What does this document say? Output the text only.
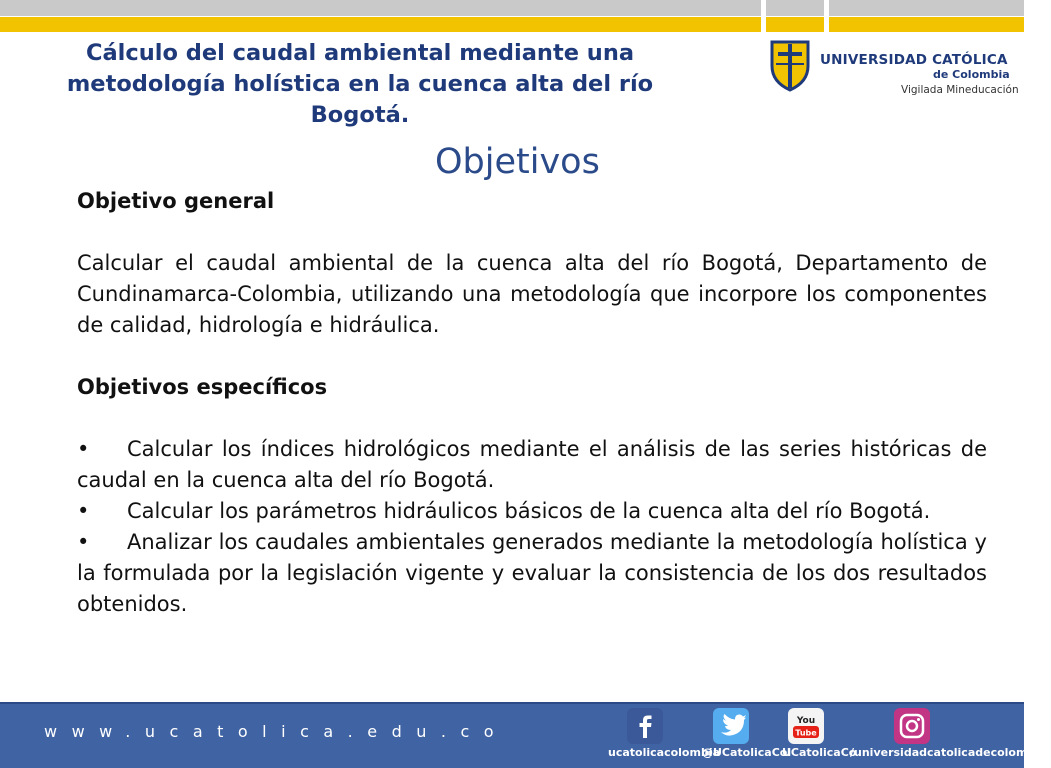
Cálculo del caudal ambiental mediante una metodología holística en la cuenca alta del río Bogotá.
UNIVERSIDAD CATÓLICA
de Colombia
Vigilada Mineducación
Objetivos

Objetivo general

Calcular el caudal ambiental de la cuenca alta del río Bogotá, Departamento de Cundinamarca-Colombia, utilizando una metodología que incorpore los componentes de calidad, hidrología e hidráulica.

Objetivos específicos

• Calcular los índices hidrológicos mediante el análisis de las series históricas de caudal en la cuenca alta del río Bogotá.

• Calcular los parámetros hidráulicos básicos de la cuenca alta del río Bogotá.

• Analizar los caudales ambientales generados mediante la metodología holística y la formulada por la legislación vigente y evaluar la consistencia de los dos resultados obtenidos.

www.ucatolica.edu.co
You
Tube
ucatolicacolombia
@UCatolicaCol
UCatolicaCo
/universidadcatolicadecolombia/
